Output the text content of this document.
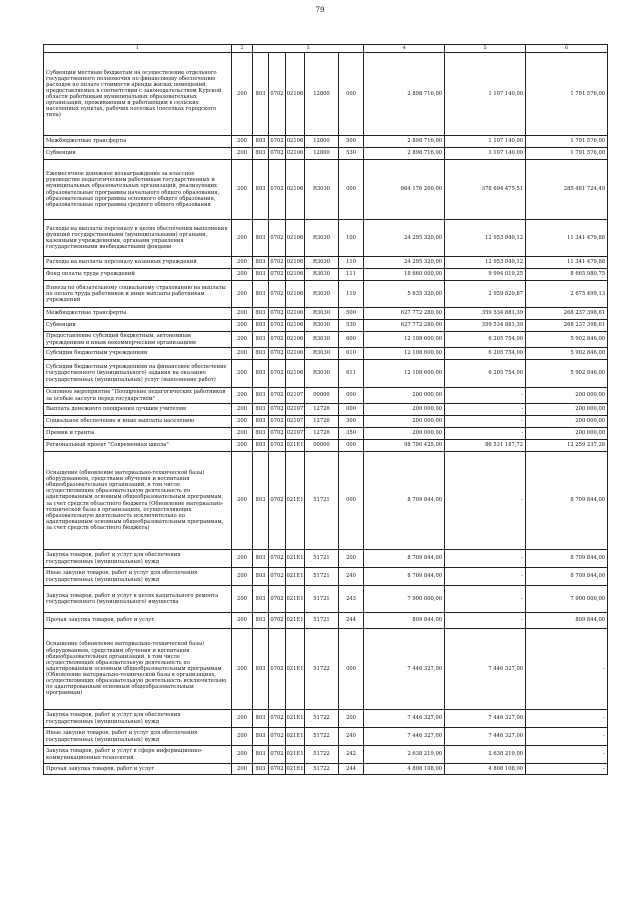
79
1	2	3					4	5	6
Субвенции местным бюджетам на осуществление отдельного государственного полномочия по финансовому обеспечению расходов по оплате стоимости аренды жилых помещений, предоставляемых в соответствии с законодательством Курской области работникам муниципальных образовательных организаций, проживающим и работающим в сельских населенных пунктах, рабочих поселках (поселках городского типа)	200	803	0702	02106	12800	000	2 898 716,00	1 107 140,00	1 791 576,00
Межбюджетные трансферты	200	803	0702	02106	12800	500	2 898 716,00	1 107 140,00	1 791 576,00
Субвенции	200	803	0702	02106	12800	530	2 898 716,00	1 107 140,00	1 791 576,00
Ежемесячное денежное вознаграждение за классное руководство педагогическим работникам государственных и муниципальных образовательных организаций, реализующих образовательные программы начального общего образования, образовательные программы основного общего образования, образовательные программы среднего общего образования	200	803	0702	02106	R3030	000	664 176 200,00	378 694 475,51	285 481 724,49
Расходы на выплаты персоналу в целях обеспечения выполнения функций государственными (муниципальными) органами, казенными учреждениями, органами управления государственными внебюджетными фондами	200	803	0702	02106	R3030	100	24 295 320,00	12 953 840,12	11 341 479,88
Расходы на выплаты персоналу казенных учреждений	200	803	0702	02106	R3030	110	24 295 320,00	12 953 840,12	11 341 479,88
Фонд оплаты труда учреждений	200	803	0702	02106	R3030	111	18 660 000,00	9 994 019,25	8 665 980,75
Взносы по обязательному социальному страхованию на выплаты по оплате труда работников и иные выплаты работникам учреждений	200	803	0702	02106	R3030	119	5 635 320,00	2 959 820,87	2 675 499,13
Межбюджетные трансферты	200	803	0702	02106	R3030	500	627 772 280,00	359 534 881,39	268 237 398,61
Субвенции	200	803	0702	02106	R3030	530	627 772 280,00	359 534 881,39	268 237 398,61
Предоставление субсидий бюджетным, автономным учреждениям и иным некоммерческим организациям	200	803	0702	02106	R3030	600	12 108 600,00	6 205 754,00	5 902 846,00
Субсидии бюджетным учреждениям	200	803	0702	02106	R3030	610	12 108 600,00	6 205 754,00	5 902 846,00
Субсидии бюджетным учреждениям на финансовое обеспечение государственного (муниципального) задания на оказание государственных (муниципальных) услуг (выполнение работ)	200	803	0702	02106	R3030	611	12 108 600,00	6 205 754,00	5 902 846,00
Основное мероприятие "Поощрение педагогических работников за особые заслуги перед государством"	200	803	0702	02107	00000	000	200 000,00	-	200 000,00
Выплата денежного поощрения лучшим учителям	200	803	0702	02107	12726	000	200 000,00	-	200 000,00
Социальное обеспечение и иные выплаты населению	200	803	0702	02107	12726	300	200 000,00	-	200 000,00
Премии и гранты	200	803	0702	02107	12726	350	200 000,00	-	200 000,00
Региональный проект "Современная школа"	200	803	0702	021E1	00000	000	98 790 425,00	86 531 187,72	12 259 237,28
Оснащение (обновление материально-технической базы) оборудованием, средствами обучения и воспитания общеобразовательных организаций, в том числе осуществляющих образовательную деятельность по адаптированным основным общеобразовательным программам, за счет средств областного бюджета (Обновление материально-технической базы в организациях, осуществляющих образовательную деятельность исключительно по адаптированным основным общеобразовательным программам, за счет средств областного бюджета)	200	803	0702	021E1	51721	000	8 709 844,00	-	8 709 844,00
Закупка товаров, работ и услуг для обеспечения государственных (муниципальных) нужд	200	803	0702	021E1	51721	200	8 709 844,00	-	8 709 844,00
Иные закупки товаров, работ и услуг для обеспечения государственных (муниципальных) нужд	200	803	0702	021E1	51721	240	8 709 844,00	-	8 709 844,00
Закупка товаров, работ и услуг в целях капитального ремонта государственного (муниципального) имущества	200	803	0702	021E1	51721	243	7 900 000,00	-	7 900 000,00
Прочая закупка товаров, работ и услуг	200	803	0702	021E1	51721	244	809 844,00	-	809 844,00
Оснащение (обновление материально-технической базы) оборудованием, средствами обучения и воспитания общеобразовательных организаций, в том числе осуществляющих образовательную деятельность по адаптированным основным общеобразовательным программам (Обновление материально-технической базы в организациях, осуществляющих образовательную деятельность исключительно по адаптированным основным общеобразовательным программам)	200	803	0702	021E1	51722	000	7 446 327,00	7 446 327,00	-
Закупка товаров, работ и услуг для обеспечения государственных (муниципальных) нужд	200	803	0702	021E1	51722	200	7 446 327,00	7 446 327,00	-
Иные закупки товаров, работ и услуг для обеспечения государственных (муниципальных) нужд	200	803	0702	021E1	51722	240	7 446 327,00	7 446 327,00	-
Закупка товаров, работ и услуг в сфере информационно-коммуникационных технологий	200	803	0702	021E1	51722	242	2 638 219,00	2 638 219,00	-
Прочая закупка товаров, работ и услуг	200	803	0702	021E1	51722	244	4 808 108,00	4 808 108,00	-
